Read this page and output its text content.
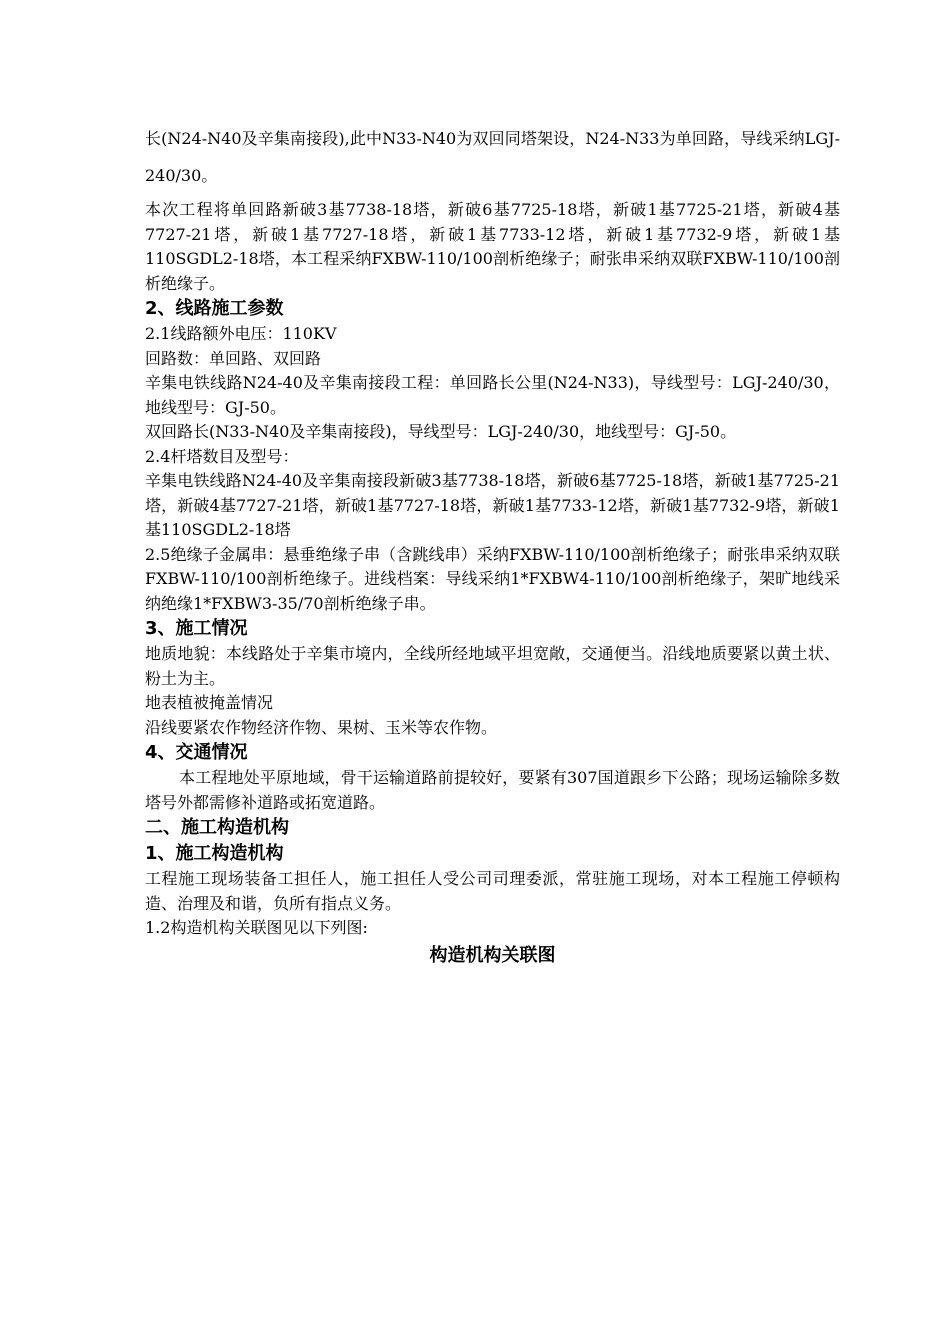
长(N24-N40及辛集南接段),此中N33-N40为双回同塔架设，N24-N33为单回路，导线采纳LGJ-240/30。

本次工程将单回路新破3基7738-18塔，新破6基7725-18塔，新破1基7725-21塔，新破4基7727-21塔，新破1基7727-18塔，新破1基7733-12塔，新破1基7732-9塔，新破1基110SGDL2-18塔，本工程采纳FXBW-110/100剖析绝缘子；耐张串采纳双联FXBW-110/100剖析绝缘子。

2、线路施工参数

2.1线路额外电压：110KV

回路数：单回路、双回路

辛集电铁线路N24-40及辛集南接段工程：单回路长公里(N24-N33)，导线型号：LGJ-240/30，地线型号：GJ-50。

双回路长(N33-N40及辛集南接段)，导线型号：LGJ-240/30，地线型号：GJ-50。

2.4杆塔数目及型号：

辛集电铁线路N24-40及辛集南接段新破3基7738-18塔，新破6基7725-18塔，新破1基7725-21塔，新破4基7727-21塔，新破1基7727-18塔，新破1基7733-12塔，新破1基7732-9塔，新破1基110SGDL2-18塔

2.5绝缘子金属串：悬垂绝缘子串（含跳线串）采纳FXBW-110/100剖析绝缘子；耐张串采纳双联FXBW-110/100剖析绝缘子。进线档案：导线采纳1*FXBW4-110/100剖析绝缘子，架旷地线采纳绝缘1*FXBW3-35/70剖析绝缘子串。

3、施工情况

地质地貌：本线路处于辛集市境内，全线所经地域平坦宽敞，交通便当。沿线地质要紧以黄土状、粉土为主。

地表植被掩盖情况

沿线要紧农作物经济作物、果树、玉米等农作物。

4、交通情况

本工程地处平原地域，骨干运输道路前提较好，要紧有307国道跟乡下公路；现场运输除多数塔号外都需修补道路或拓宽道路。

二、施工构造机构
1、施工构造机构

工程施工现场装备工担任人，施工担任人受公司司理委派，常驻施工现场，对本工程施工停顿构造、治理及和谐，负所有指点义务。

1.2构造机构关联图见以下列图:

构造机构关联图
